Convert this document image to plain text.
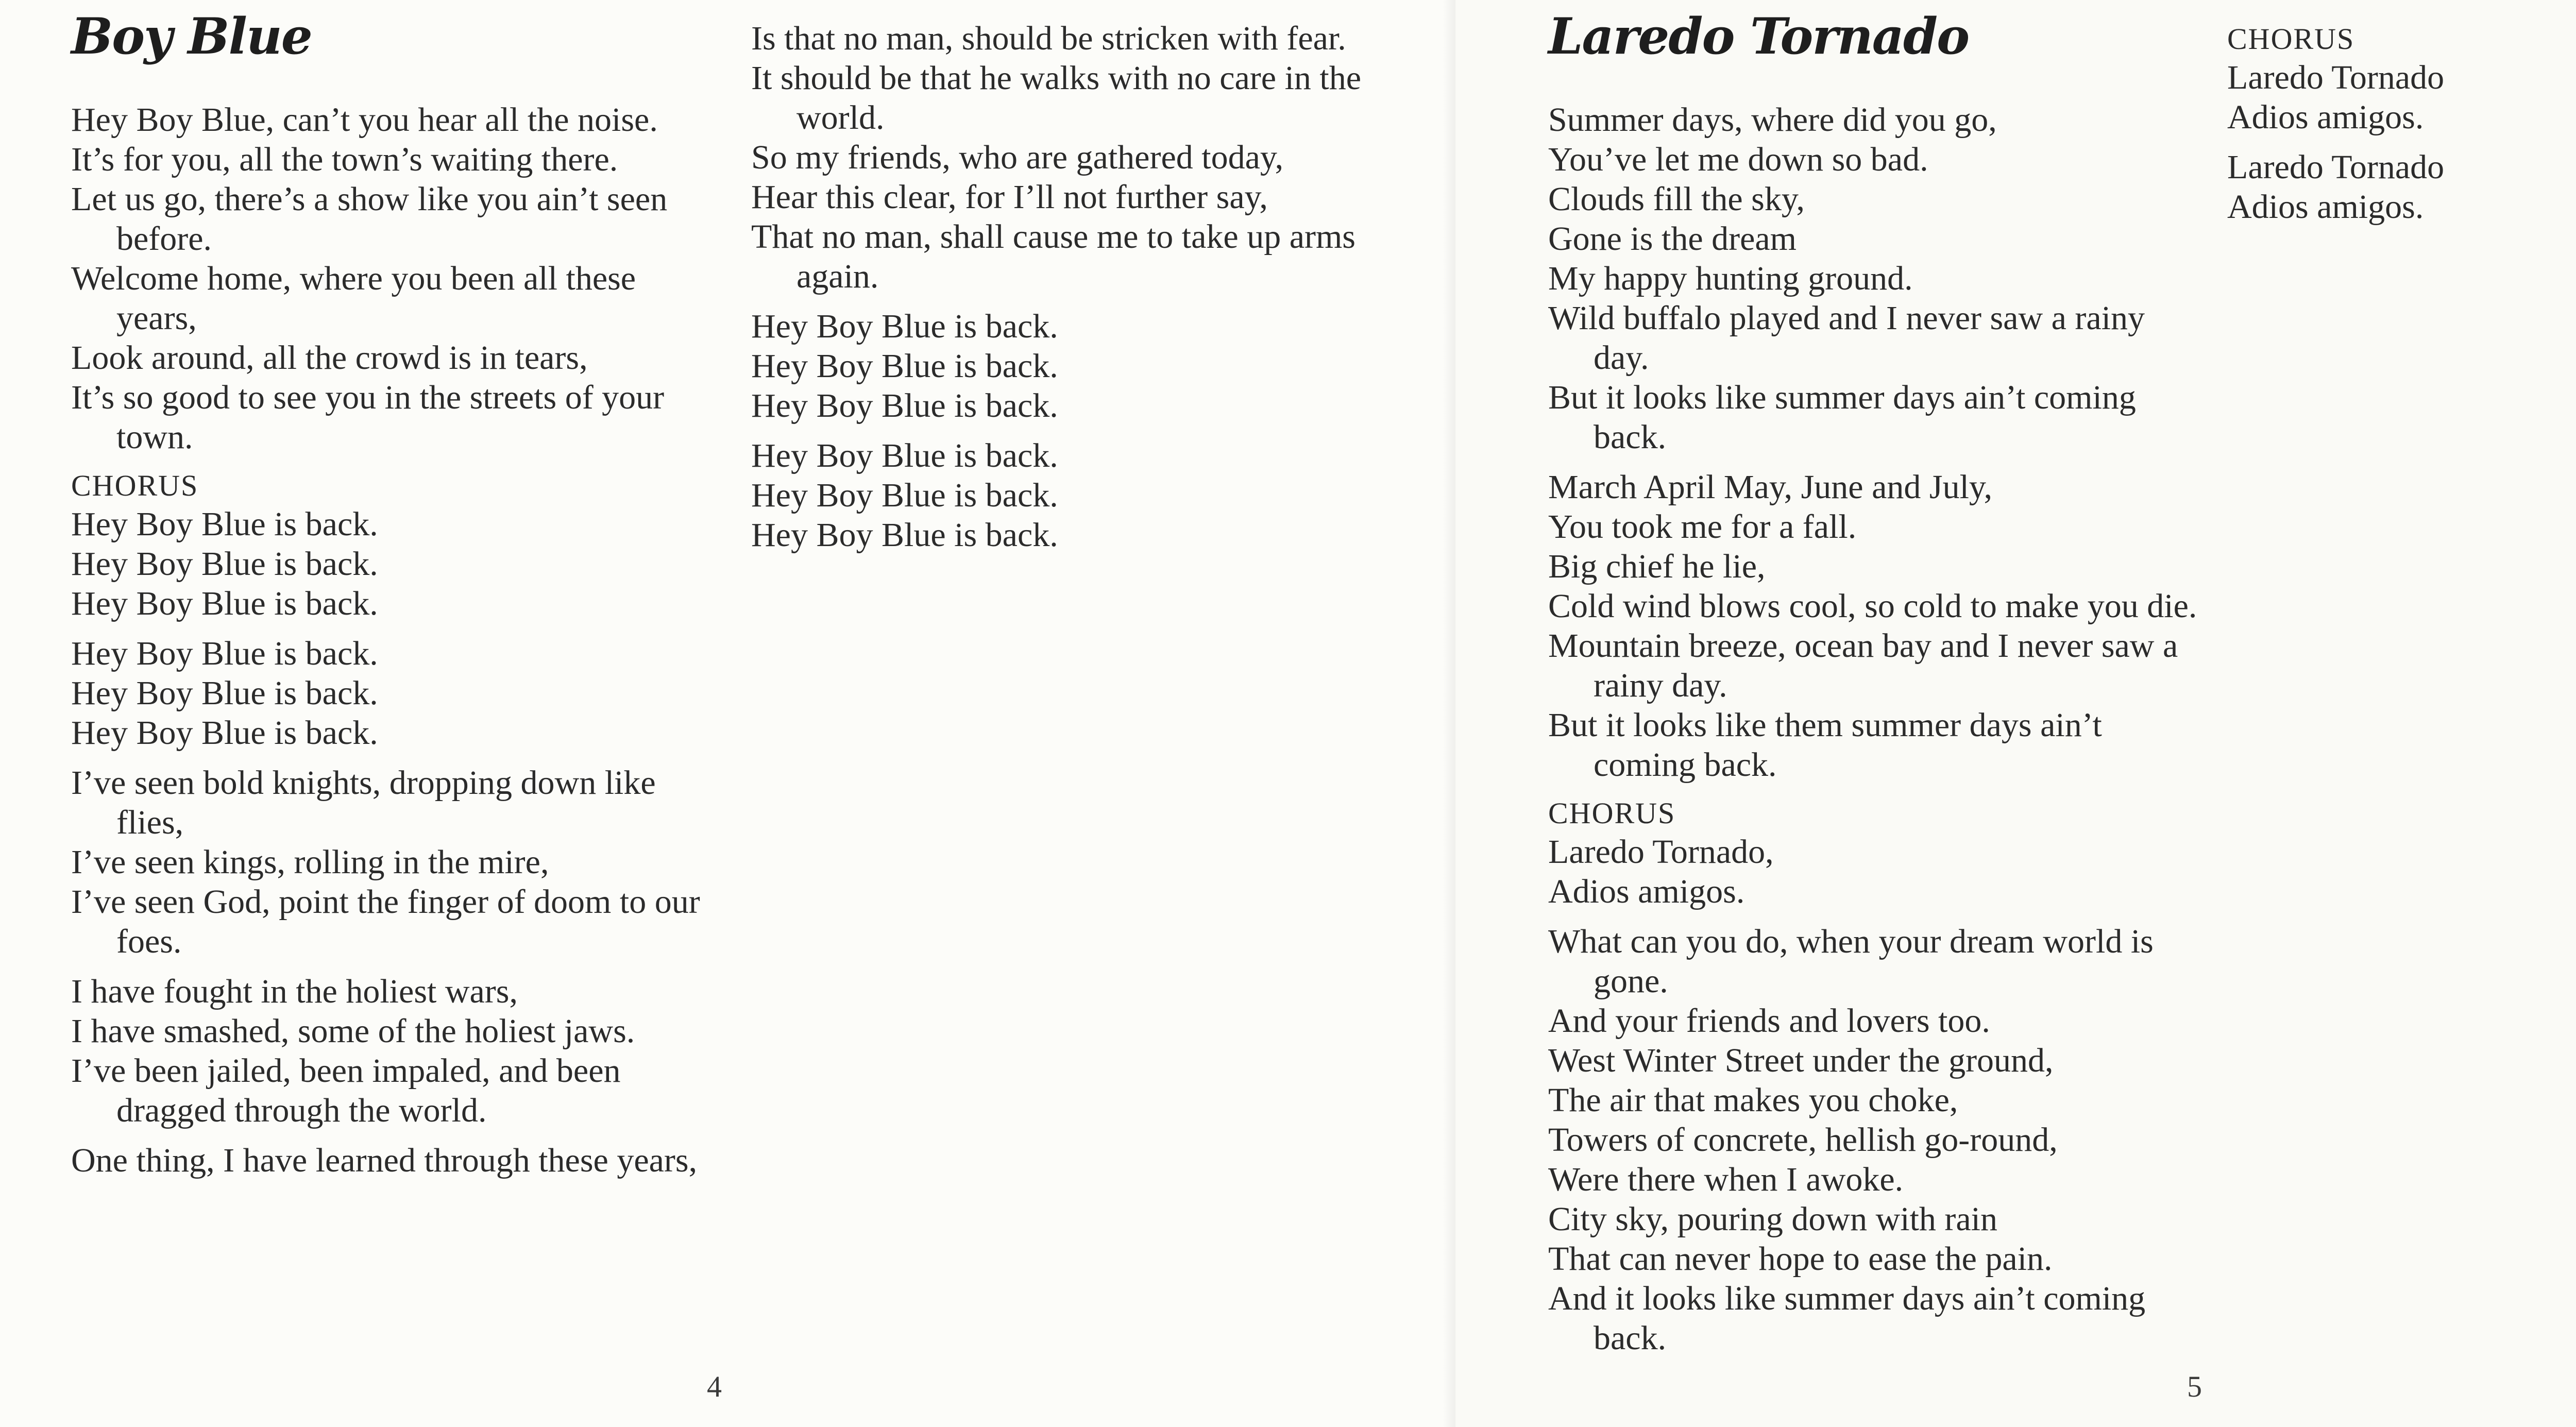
Boy Blue
Hey Boy Blue, can’t you hear all the noise.
It’s for you, all the town’s waiting there.
Let us go, there’s a show like you ain’t seen before.
Welcome home, where you been all these years,
Look around, all the crowd is in tears,
It’s so good to see you in the streets of your town.
CHORUS
Hey Boy Blue is back.
Hey Boy Blue is back.
Hey Boy Blue is back.
Hey Boy Blue is back.
Hey Boy Blue is back.
Hey Boy Blue is back.
I’ve seen bold knights, dropping down like flies,
I’ve seen kings, rolling in the mire,
I’ve seen God, point the finger of doom to our foes.
I have fought in the holiest wars,
I have smashed, some of the holiest jaws.
I’ve been jailed, been impaled, and been dragged through the world.
One thing, I have learned through these years,
Is that no man, should be stricken with fear.
It should be that he walks with no care in the world.
So my friends, who are gathered today,
Hear this clear, for I’ll not further say,
That no man, shall cause me to take up arms again.
Hey Boy Blue is back.
Hey Boy Blue is back.
Hey Boy Blue is back.
Hey Boy Blue is back.
Hey Boy Blue is back.
Hey Boy Blue is back.
4
Laredo Tornado
Summer days, where did you go,
You’ve let me down so bad.
Clouds fill the sky,
Gone is the dream
My happy hunting ground.
Wild buffalo played and I never saw a rainy day.
But it looks like summer days ain’t coming back.
March April May, June and July,
You took me for a fall.
Big chief he lie,
Cold wind blows cool, so cold to make you die.
Mountain breeze, ocean bay and I never saw a rainy day.
But it looks like them summer days ain’t coming back.
CHORUS
Laredo Tornado,
Adios amigos.
What can you do, when your dream world is gone.
And your friends and lovers too.
West Winter Street under the ground,
The air that makes you choke,
Towers of concrete, hellish go-round,
Were there when I awoke.
City sky, pouring down with rain
That can never hope to ease the pain.
And it looks like summer days ain’t coming back.
CHORUS
Laredo Tornado
Adios amigos.
Laredo Tornado
Adios amigos.
5
